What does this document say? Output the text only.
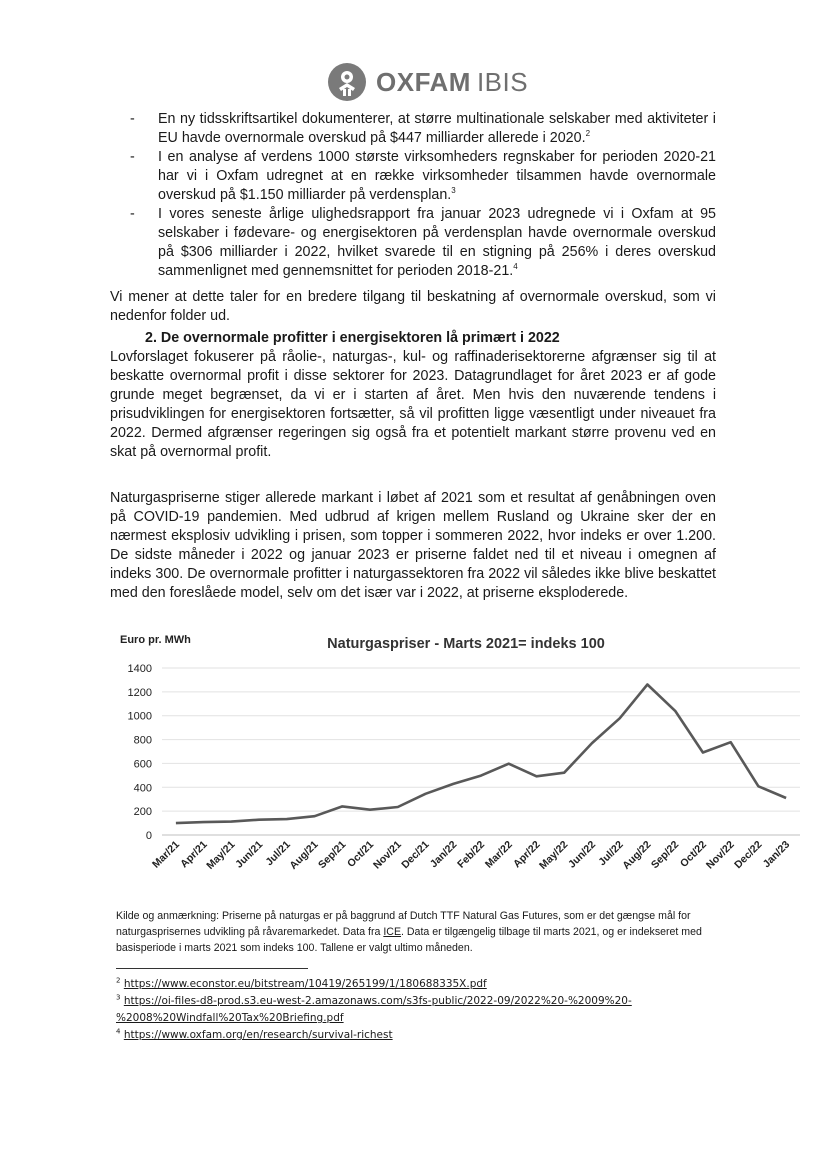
OXFAM IBIS
- En ny tidsskriftsartikel dokumenterer, at større multinationale selskaber med aktiviteter i EU havde overnormale overskud på $447 milliarder allerede i 2020.$^2$
- I en analyse af verdens 1000 største virksomheders regnskaber for perioden 2020-21 har vi i Oxfam udregnet at en række virksomheder tilsammen havde overnormale overskud på $1.150 milliarder på verdensplan.$^3$
- I vores seneste årlige ulighedsrapport fra januar 2023 udregnede vi i Oxfam at 95 selskaber i fødevare- og energisektoren på verdensplan havde overnormale overskud på $306 milliarder i 2022, hvilket svarede til en stigning på 256% i deres overskud sammenlignet med gennemsnittet for perioden 2018-21.$^4$
Vi mener at dette taler for en bredere tilgang til beskatning af overnormale overskud, som vi nedenfor folder ud.
2. De overnormale profitter i energisektoren lå primært i 2022
Lovforslaget fokuserer på råolie-, naturgas-, kul- og raffinaderisektorerne afgrænser sig til at beskatte overnormal profit i disse sektorer for 2023. Datagrundlaget for året 2023 er af gode grunde meget begrænset, da vi er i starten af året. Men hvis den nuværende tendens i prisudviklingen for energisektoren fortsætter, så vil profitten ligge væsentligt under niveauet fra 2022. Dermed afgrænser regeringen sig også fra et potentielt markant større provenu ved en skat på overnormal profit.
Naturgaspriserne stiger allerede markant i løbet af 2021 som et resultat af genåbningen oven på COVID-19 pandemien. Med udbrud af krigen mellem Rusland og Ukraine sker der en nærmest eksplosiv udvikling i prisen, som topper i sommeren 2022, hvor indeks er over 1.200. De sidste måneder i 2022 og januar 2023 er priserne faldet ned til et niveau i omegnen af indeks 300. De overnormale profitter i naturgassektoren fra 2022 vil således ikke blive beskattet med den foreslåede model, selv om det især var i 2022, at priserne eksploderede.
Euro pr. MWh	Naturgaspriser - Marts 2021= indeks 100
0
200
400
600
800
1000
1200
1400
Mar/21
Apr/21
May/21
Jun/21
Jul/21
Aug/21
Sep/21
Oct/21
Nov/21
Dec/21
Jan/22
Feb/22
Mar/22
Apr/22
May/22
Jun/22
Jul/22
Aug/22
Sep/22
Oct/22
Nov/22
Dec/22
Jan/23
Kilde og anmærkning: Priserne på naturgas er på baggrund af Dutch TTF Natural Gas Futures, som er det gængse mål for naturgasprisernes udvikling på råvaremarkedet. Data fra ICE. Data er tilgængelig tilbage til marts 2021, og er indekseret med basisperiode i marts 2021 som indeks 100. Tallene er valgt ultimo måneden.

$^2$ https://www.econstor.eu/bitstream/10419/265199/1/180688335X.pdf

$^3$ https://oi-files-d8-prod.s3.eu-west-2.amazonaws.com/s3fs-public/2022-09/2022%20-%2009%20-%2008%20Windfall%20Tax%20Briefing.pdf

$^4$ https://www.oxfam.org/en/research/survival-richest
